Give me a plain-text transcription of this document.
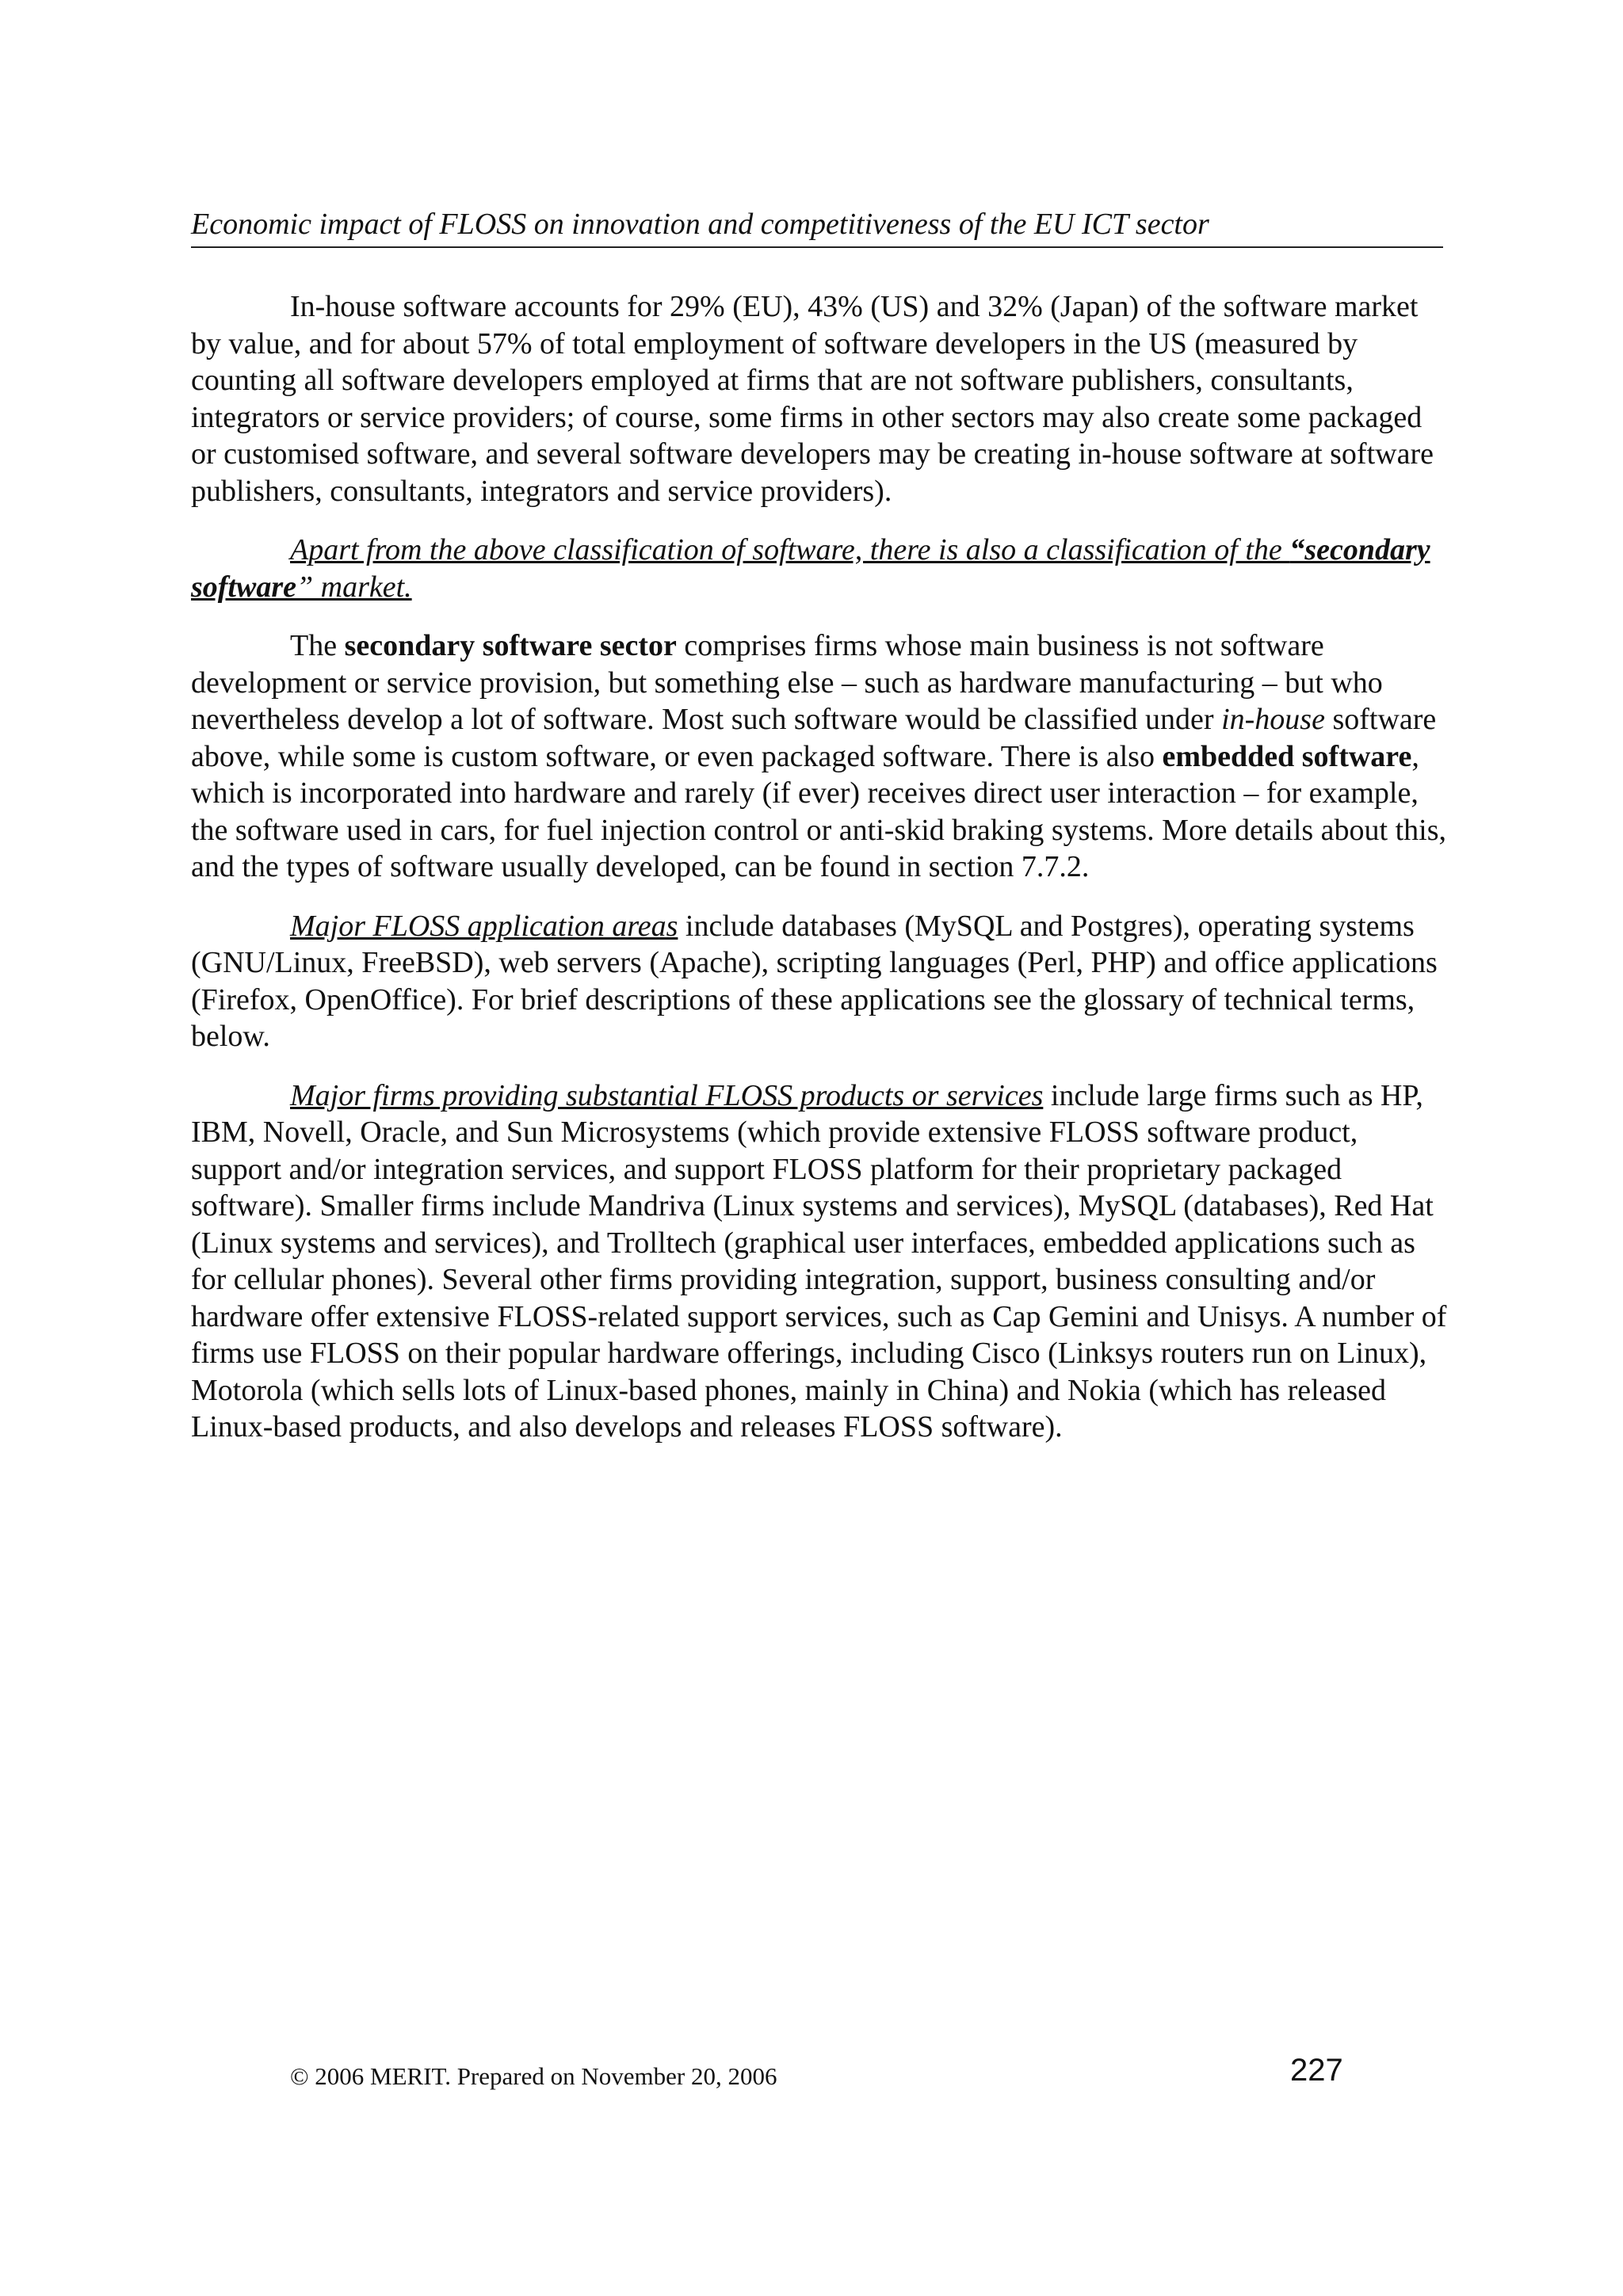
Economic impact of FLOSS on innovation and competitiveness of the EU ICT sector

In-house software accounts for 29% (EU), 43% (US) and 32% (Japan) of the software market by value, and for about 57% of total employment of software developers in the US (measured by counting all software developers employed at firms that are not software publishers, consultants, integrators or service providers; of course, some firms in other sectors may also create some packaged or customised software, and several software developers may be creating in-house software at software publishers, consultants, integrators and service providers).

Apart from the above classification of software, there is also a classification of the “secondary software” market.

The secondary software sector comprises firms whose main business is not software development or service provision, but something else – such as hardware manufacturing – but who nevertheless develop a lot of software. Most such software would be classified under in-house software above, while some is custom software, or even packaged software. There is also embedded software, which is incorporated into hardware and rarely (if ever) receives direct user interaction – for example, the software used in cars, for fuel injection control or anti-skid braking systems. More details about this, and the types of software usually developed, can be found in section 7.7.2.

Major FLOSS application areas include databases (MySQL and Postgres), operating systems (GNU/Linux, FreeBSD), web servers (Apache), scripting languages (Perl, PHP) and office applications (Firefox, OpenOffice). For brief descriptions of these applications see the glossary of technical terms, below.

Major firms providing substantial FLOSS products or services include large firms such as HP, IBM, Novell, Oracle, and Sun Microsystems (which provide extensive FLOSS software product, support and/or integration services, and support FLOSS platform for their proprietary packaged software). Smaller firms include Mandriva (Linux systems and services), MySQL (databases), Red Hat (Linux systems and services), and Trolltech (graphical user interfaces, embedded applications such as for cellular phones). Several other firms providing integration, support, business consulting and/or hardware offer extensive FLOSS-related support services, such as Cap Gemini and Unisys. A number of firms use FLOSS on their popular hardware offerings, including Cisco (Linksys routers run on Linux), Motorola (which sells lots of Linux-based phones, mainly in China) and Nokia (which has released Linux-based products, and also develops and releases FLOSS software).

© 2006 MERIT. Prepared on November 20, 2006	227
